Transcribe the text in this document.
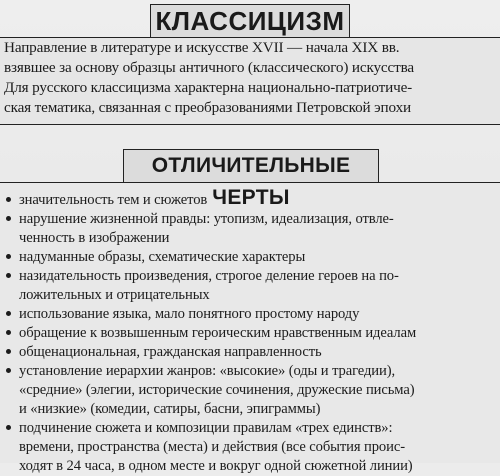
Направление в литературе и искусстве XVII — начала XIX вв.
взявшее за основу образцы античного (классического) искусства
Для русского классицизма характерна национально-патриотиче-
ская тематика, связанная с преобразованиями Петровской эпохи
КЛАССИЦИЗМ
значительность тем и сюжетов
нарушение жизненной правды: утопизм, идеализация, отвле-
ченность в изображении
надуманные образы, схематические характеры
назидательность произведения, строгое деление героев на по-
ложительных и отрицательных
использование языка, мало понятного простому народу
обращение к возвышенным героическим нравственным идеалам
общенациональная, гражданская направленность
установление иерархии жанров: «высокие» (оды и трагедии),
«средние» (элегии, исторические сочинения, дружеские письма)
и «низкие» (комедии, сатиры, басни, эпиграммы)
подчинение сюжета и композиции правилам «трех единств»:
времени, пространства (места) и действия (все события проис-
ходят в 24 часа, в одном месте и вокруг одной сюжетной линии)
ОТЛИЧИТЕЛЬНЫЕ ЧЕРТЫ
